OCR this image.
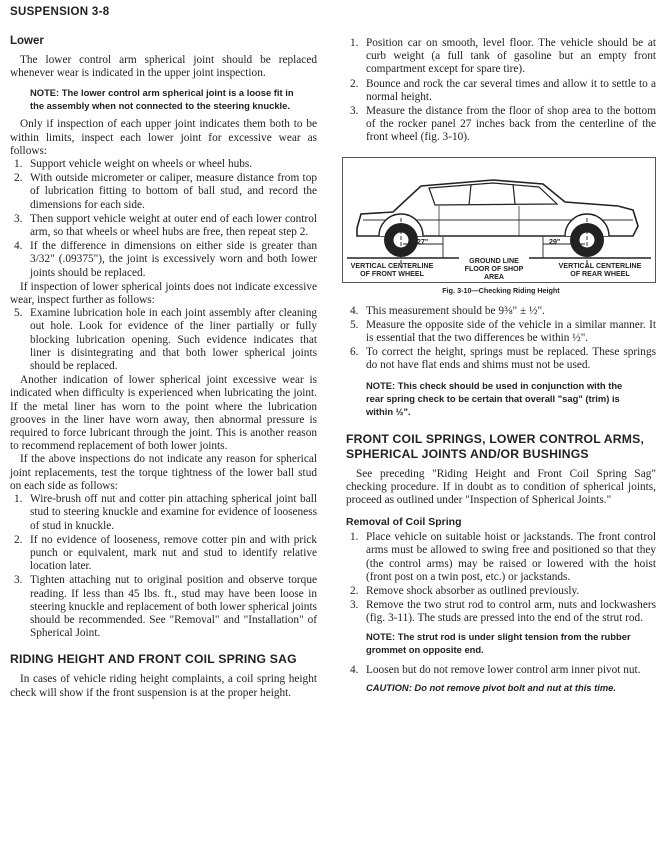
SUSPENSION 3-8
Lower

The lower control arm spherical joint should be replaced whenever wear is indicated in the upper joint inspection.

NOTE: The lower control arm spherical joint is a loose fit in the assembly when not connected to the steering knuckle.

Only if inspection of each upper joint indicates them both to be within limits, inspect each lower joint for excessive wear as follows:

1. Support vehicle weight on wheels or wheel hubs.
2. With outside micrometer or caliper, measure distance from top of lubrication fitting to bottom of ball stud, and record the dimensions for each side.
3. Then support vehicle weight at outer end of each lower control arm, so that wheels or wheel hubs are free, then repeat step 2.
4. If the difference in dimensions on either side is greater than 3/32" (.09375"), the joint is excessively worn and both lower joints should be replaced.

If inspection of lower spherical joints does not indicate excessive wear, inspect further as follows:

5. Examine lubrication hole in each joint assembly after cleaning out hole. Look for evidence of the liner partially or fully blocking lubrication opening. Such evidence indicates that liner is disintegrating and that both lower spherical joints should be replaced.

Another indication of lower spherical joint excessive wear is indicated when difficulty is experienced when lubricating the joint. If the metal liner has worn to the point where the lubrication grooves in the liner have worn away, then abnormal pressure is required to force lubricant through the joint. This is another reason to recommend replacement of both lower joints.

If the above inspections do not indicate any reason for spherical joint replacements, test the torque tightness of the lower ball stud on each side as follows:

1. Wire-brush off nut and cotter pin attaching spherical joint ball stud to steering knuckle and examine for evidence of looseness of stud in knuckle.
2. If no evidence of looseness, remove cotter pin and with prick punch or equivalent, mark nut and stud to identify relative location later.
3. Tighten attaching nut to original position and observe torque reading. If less than 45 lbs. ft., stud may have been loose in steering knuckle and replacement of both lower spherical joints should be recommended. See "Removal" and "Installation" of Spherical Joint.
RIDING HEIGHT AND FRONT COIL SPRING SAG

In cases of vehicle riding height complaints, a coil spring height check will show if the front suspension is at the proper height.

1. Position car on smooth, level floor. The vehicle should be at curb weight (a full tank of gasoline but an empty front compartment except for spare tire).
2. Bounce and rock the car several times and allow it to settle to a normal height.
3. Measure the distance from the floor of shop area to the bottom of the rocker panel 27 inches back from the centerline of the front wheel (fig. 3-10).
27"	29"
VERTICAL CENTERLINE OF FRONT WHEEL
GROUND LINE FLOOR OF SHOP AREA
VERTICAL CENTERLINE OF REAR WHEEL
Fig. 3-10—Checking Riding Height
4. This measurement should be 9⅜" ± ½".
5. Measure the opposite side of the vehicle in a similar manner. It is essential that the two differences be within ½".
6. To correct the height, springs must be replaced. These springs do not have flat ends and shims must not be used.
NOTE: This check should be used in conjunction with the rear spring check to be certain that overall "sag" (trim) is within ½".
FRONT COIL SPRINGS, LOWER CONTROL ARMS, SPHERICAL JOINTS AND/OR BUSHINGS

See preceding "Riding Height and Front Coil Spring Sag" checking procedure. If in doubt as to condition of spherical joints, proceed as outlined under "Inspection of Spherical Joints."

Removal of Coil Spring
1. Place vehicle on suitable hoist or jackstands. The front control arms must be allowed to swing free and positioned so that they (the control arms) may be raised or lowered with the hoist (front post on a twin post, etc.) or jackstands.
2. Remove shock absorber as outlined previously.
3. Remove the two strut rod to control arm, nuts and lockwashers (fig. 3-11). The studs are pressed into the end of the strut rod.
NOTE: The strut rod is under slight tension from the rubber grommet on opposite end.
4. Loosen but do not remove lower control arm inner pivot nut.
CAUTION: Do not remove pivot bolt and nut at this time.
